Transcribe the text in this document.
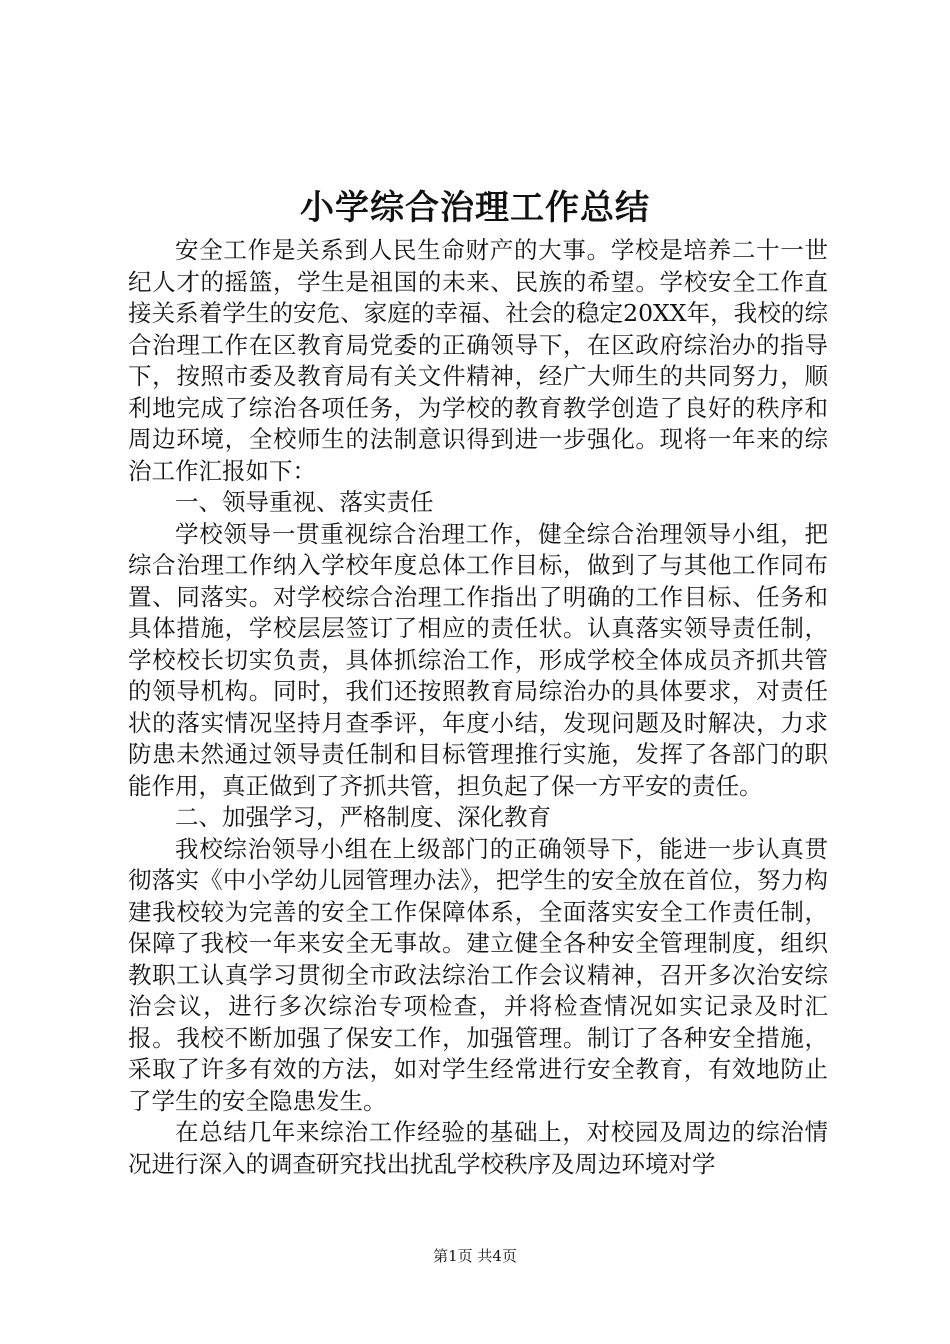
小学综合治理工作总结

安全工作是关系到人民生命财产的大事。学校是培养二十一世纪人才的摇篮，学生是祖国的未来、民族的希望。学校安全工作直接关系着学生的安危、家庭的幸福、社会的稳定20XX年，我校的综合治理工作在区教育局党委的正确领导下，在区政府综治办的指导下，按照市委及教育局有关文件精神，经广大师生的共同努力，顺利地完成了综治各项任务，为学校的教育教学创造了良好的秩序和周边环境，全校师生的法制意识得到进一步强化。现将一年来的综治工作汇报如下：

一、领导重视、落实责任

学校领导一贯重视综合治理工作，健全综合治理领导小组，把综合治理工作纳入学校年度总体工作目标，做到了与其他工作同布置、同落实。对学校综合治理工作指出了明确的工作目标、任务和具体措施，学校层层签订了相应的责任状。认真落实领导责任制，学校校长切实负责，具体抓综治工作，形成学校全体成员齐抓共管的领导机构。同时，我们还按照教育局综治办的具体要求，对责任状的落实情况坚持月查季评，年度小结，发现问题及时解决，力求防患未然通过领导责任制和目标管理推行实施，发挥了各部门的职能作用，真正做到了齐抓共管，担负起了保一方平安的责任。

二、加强学习，严格制度、深化教育

我校综治领导小组在上级部门的正确领导下，能进一步认真贯彻落实《中小学幼儿园管理办法》，把学生的安全放在首位，努力构建我校较为完善的安全工作保障体系，全面落实安全工作责任制，保障了我校一年来安全无事故。建立健全各种安全管理制度，组织教职工认真学习贯彻全市政法综治工作会议精神，召开多次治安综治会议，进行多次综治专项检查，并将检查情况如实记录及时汇报。我校不断加强了保安工作，加强管理。制订了各种安全措施，采取了许多有效的方法，如对学生经常进行安全教育，有效地防止了学生的安全隐患发生。

在总结几年来综治工作经验的基础上，对校园及周边的综治情况进行深入的调查研究找出扰乱学校秩序及周边环境对学

第1页 共4页
